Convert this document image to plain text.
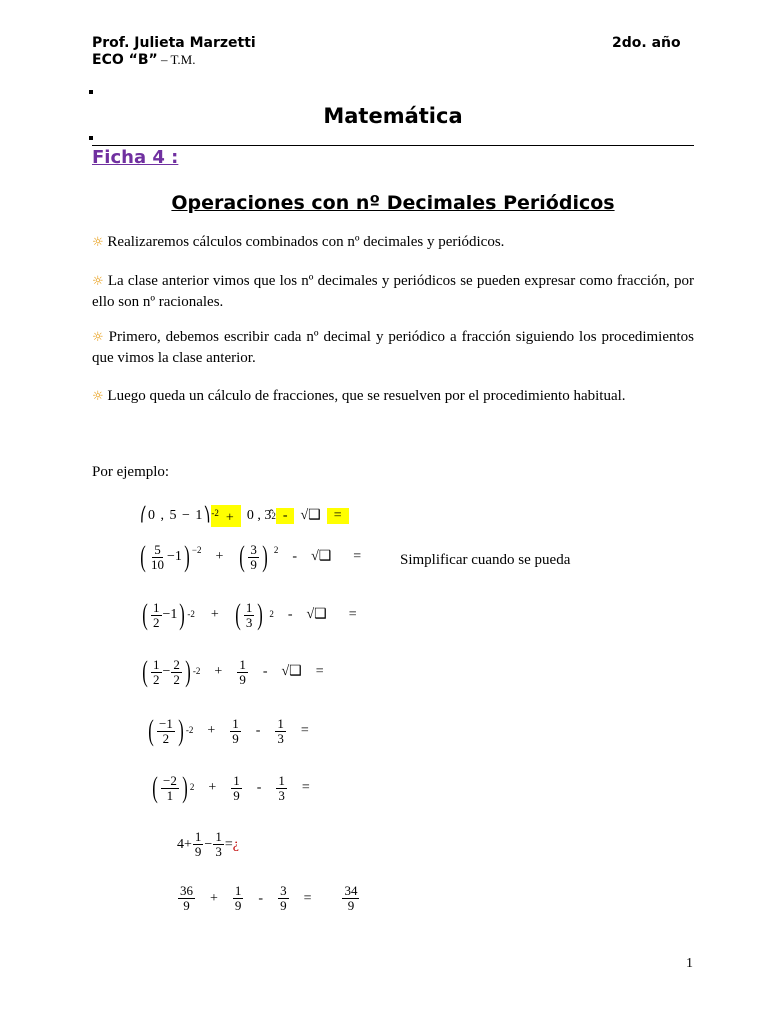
Prof. Julieta Marzetti
ECO “B” – T.M.
2do. año
Matemática
Ficha 4 :
Operaciones con nº Decimales Periódicos
☼ Realizaremos cálculos combinados con nº decimales y periódicos.
☼ La clase anterior vimos que los nº decimales y periódicos se pueden expresar como fracción, por ello son nº racionales.
☼ Primero, debemos escribir cada nº decimal y periódico a fracción siguiendo los procedimientos que vimos la clase anterior.
☼ Luego queda un cálculo de fracciones, que se resuelven por el procedimiento habitual.
Por ejemplo:
⎛0 , 5 − 1⎞ $^{-2}$ + 0 , 3̂ 2 - √❑ =
( $\frac{5}{10} -1$ ) −2 + ( $\frac{3}{9}$ ) 2 - √❑ =	Simplificar cuando se pueda
( $\frac{1}{2} -1$ ) -2 + ( $\frac{1}{3}$ ) 2 - √❑ =
( $\frac{1}{2} - \frac{2}{2}$ ) $-2 + \frac{1}{9}$ - √❑ =
( $\frac{-1}{2}$ ) $-2 + \frac{1}{9} - \frac{1}{3}$ =
( $\frac{-2}{1}$ ) $2 + \frac{1}{9} - \frac{1}{3}$ =
$4+ \frac{1}{9} - \frac{1}{3}$ = ¿
$\frac{36}{9} + \frac{1}{9} - \frac{3}{9} = \frac{34}{9}$
1
